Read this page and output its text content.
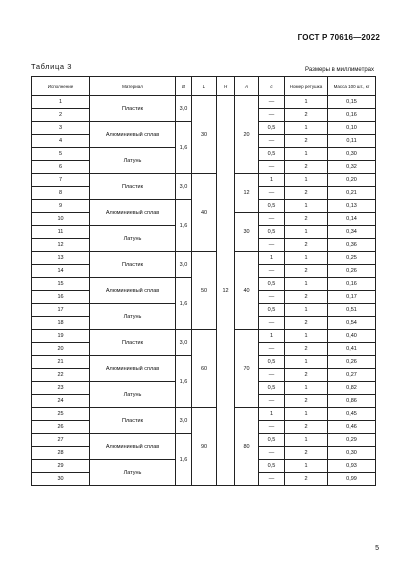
ГОСТ Р 70616—2022
Таблица 3	Размеры в миллиметрах
Исполнение	Материал	B	L	H	A	c	Номер ретушка	Масса 100 шт., кг
1	Пластик	3,0	30	12	20	—	1	0,15
2						—	2	0,16
3	Алюминиевый сплав	1,6				0,5	1	0,10
4						—	2	0,11
5	Латунь					0,5	1	0,30
6						—	2	0,32
7	Пластик	3,0	40		12	1	1	0,20
8						—	2	0,21
9	Алюминиевый сплав	1,6				0,5	1	0,13
10					30	—	2	0,14
11	Латунь					0,5	1	0,34
12						—	2	0,36
13	Пластик	3,0	50		40	1	1	0,25
14						—	2	0,26
15	Алюминиевый сплав	1,6				0,5	1	0,16
16						—	2	0,17
17	Латунь					0,5	1	0,51
18						—	2	0,54
19	Пластик	3,0	60		70	1	1	0,40
20						—	2	0,41
21	Алюминиевый сплав	1,6				0,5	1	0,26
22						—	2	0,27
23	Латунь					0,5	1	0,82
24						—	2	0,86
25	Пластик	3,0	90		80	1	1	0,45
26						—	2	0,46
27	Алюминиевый сплав	1,6				0,5	1	0,29
28						—	2	0,30
29	Латунь					0,5	1	0,93
30						—	2	0,99
5
